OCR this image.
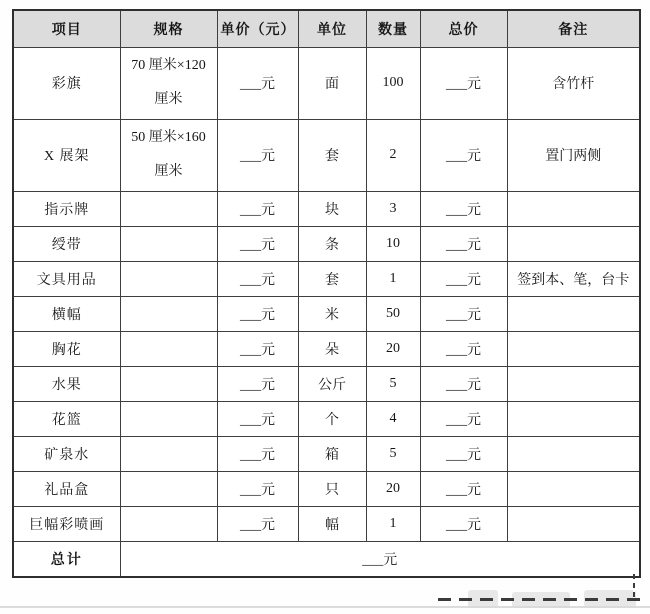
项目	规格	单价（元）	单位	数量	总价	备注
彩旗	70 厘米×120 厘米	___元	面	100	___元	含竹杆
X 展架	50 厘米×160 厘米	___元	套	2	___元	置门两侧
指示牌		___元	块	3	___元	
绶带		___元	条	10	___元	
文具用品		___元	套	1	___元	签到本、笔，台卡
横幅		___元	米	50	___元	
胸花		___元	朵	20	___元	
水果		___元	公斤	5	___元	
花篮		___元	个	4	___元	
矿泉水		___元	箱	5	___元	
礼品盒		___元	只	20	___元	
巨幅彩喷画		___元	幅	1	___元	
总计	___元					
